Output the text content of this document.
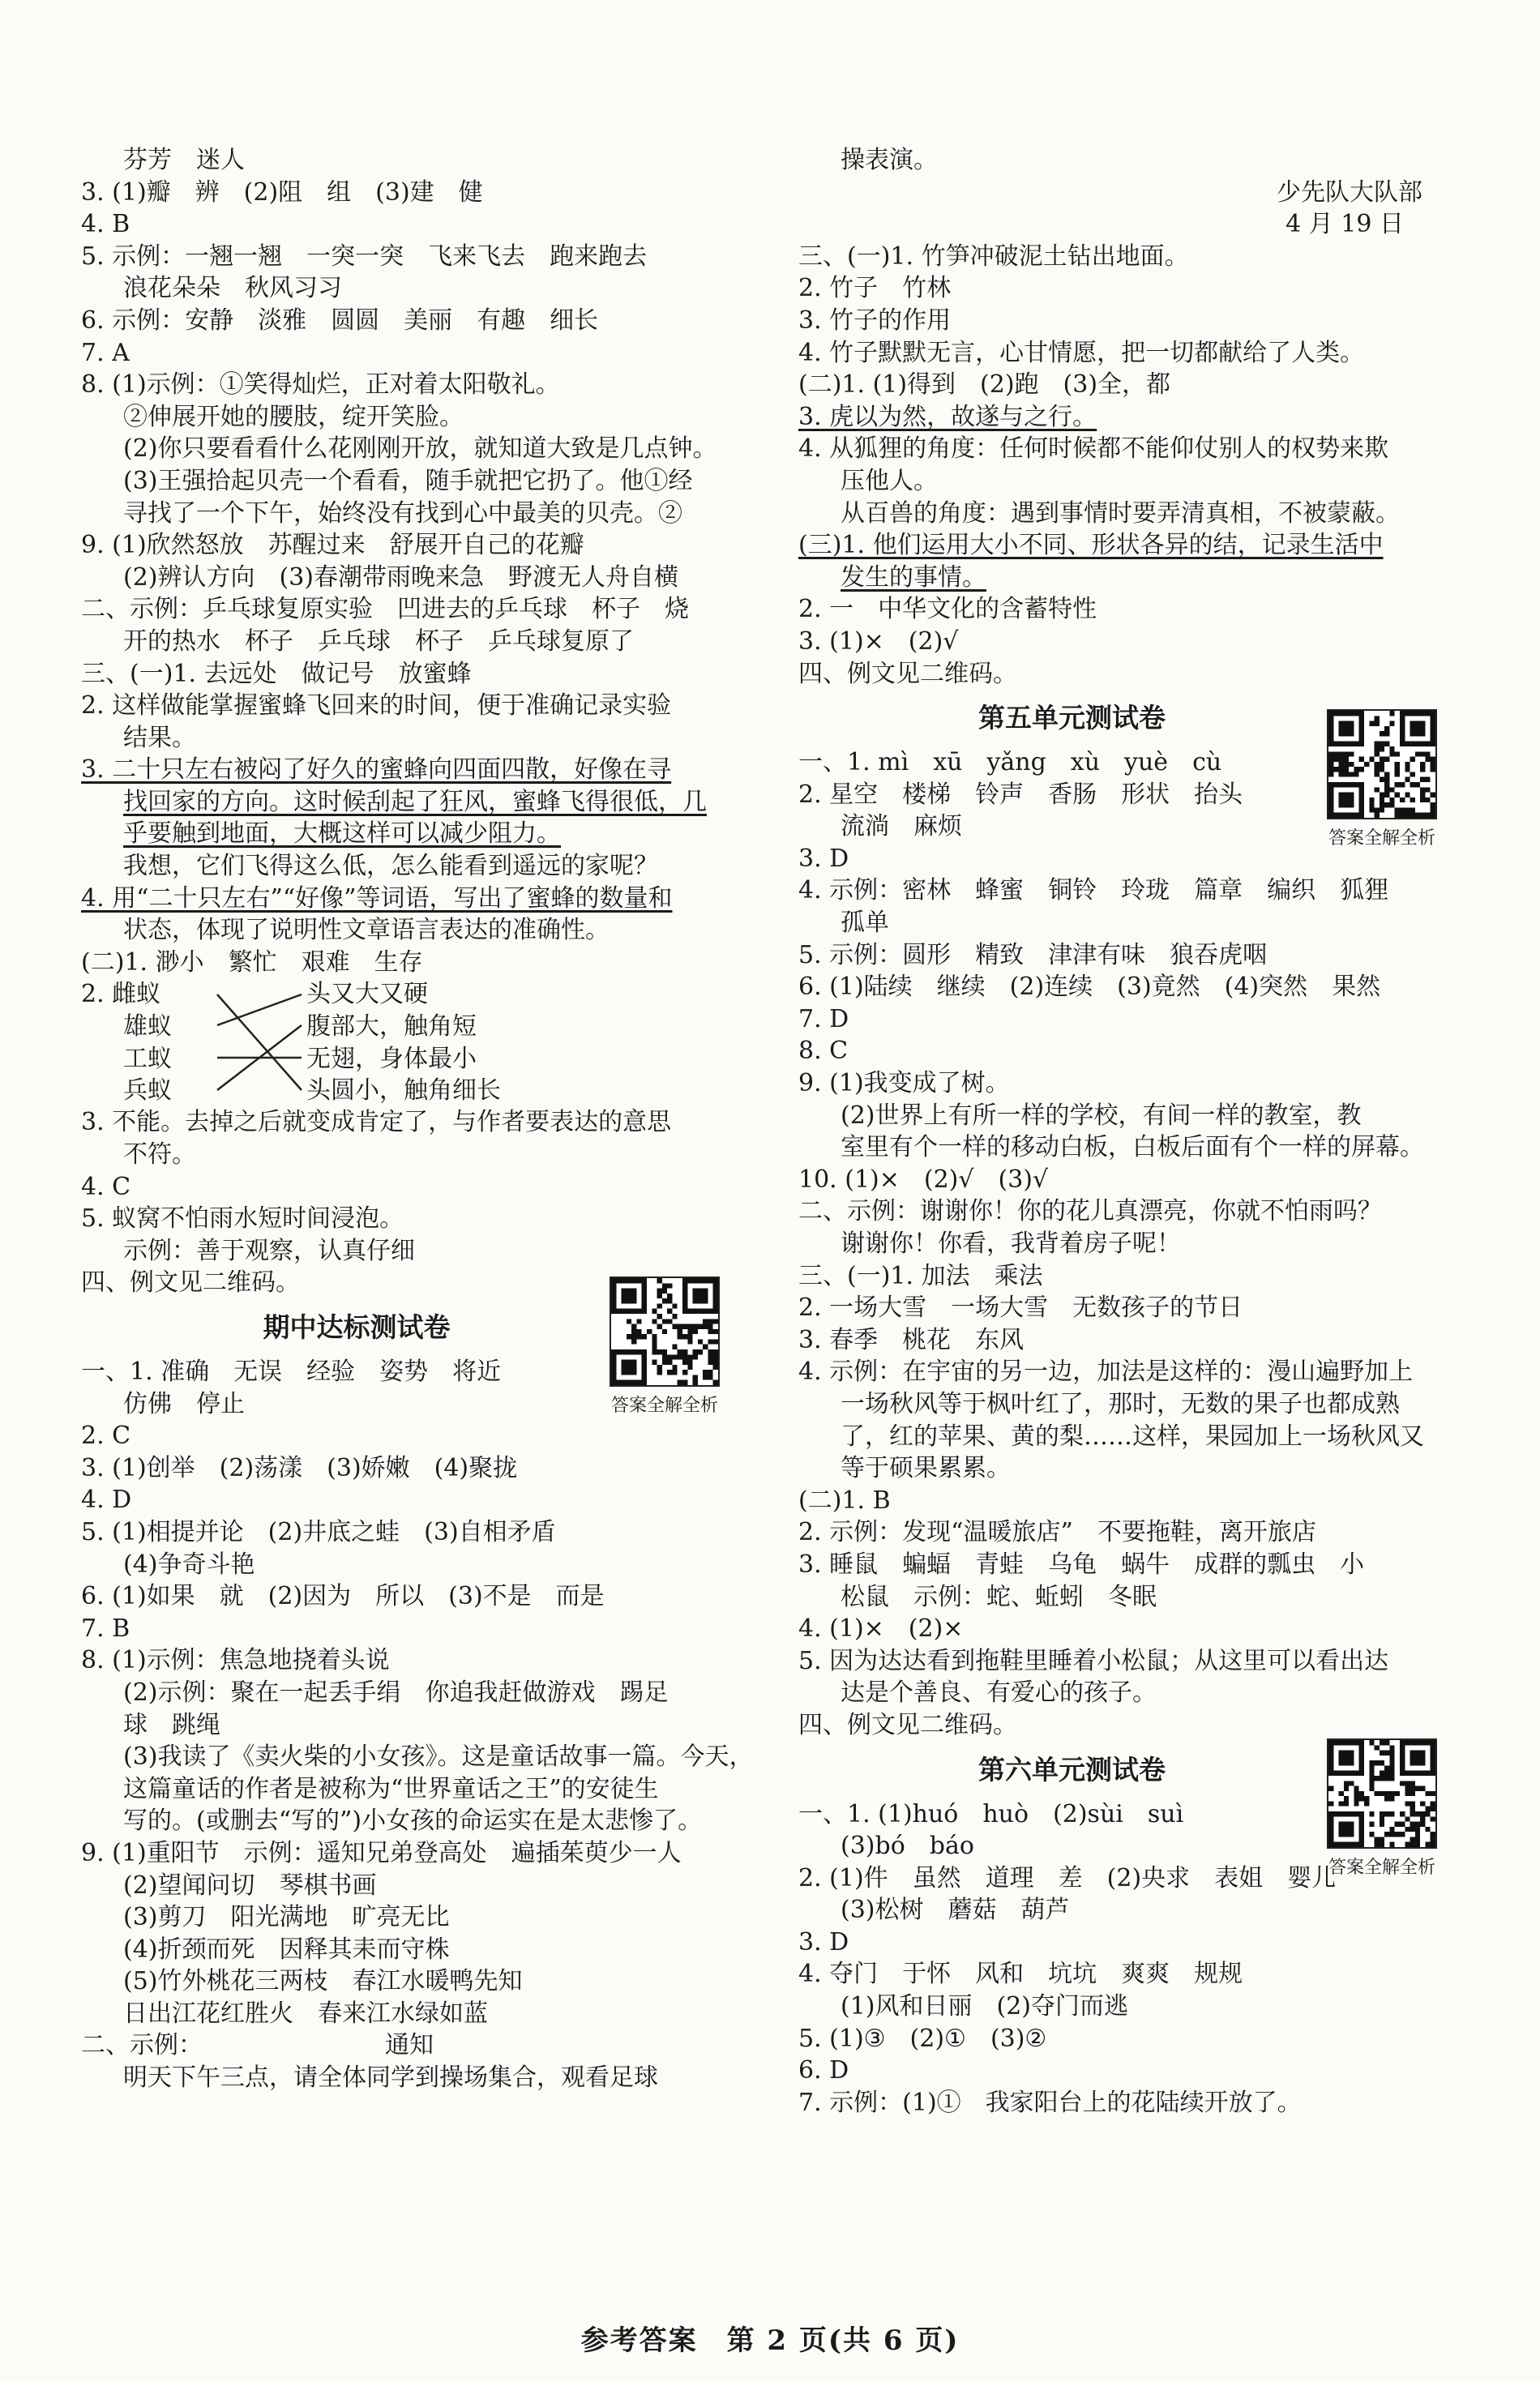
芬芳　迷人
3. (1)瓣　辨　(2)阻　组　(3)建　健
4. B
5. 示例：一翘一翘　一突一突　飞来飞去　跑来跑去
浪花朵朵　秋风习习
6. 示例：安静　淡雅　圆圆　美丽　有趣　细长
7. A
8. (1)示例：①笑得灿烂，正对着太阳敬礼。
②伸展开她的腰肢，绽开笑脸。
(2)你只要看看什么花刚刚开放，就知道大致是几点钟。
(3)王强拾起贝壳一个看看，随手就把它扔了。他①经
寻找了一个下午，始终没有找到心中最美的贝壳。②
9. (1)欣然怒放　苏醒过来　舒展开自己的花瓣
(2)辨认方向　(3)春潮带雨晚来急　野渡无人舟自横
二、示例：乒乓球复原实验　凹进去的乒乓球　杯子　烧
开的热水　杯子　乒乓球　杯子　乒乓球复原了
三、(一)1. 去远处　做记号　放蜜蜂
2. 这样做能掌握蜜蜂飞回来的时间，便于准确记录实验
结果。
3. 二十只左右被闷了好久的蜜蜂向四面四散，好像在寻
找回家的方向。这时候刮起了狂风，蜜蜂飞得很低，几
乎要触到地面，大概这样可以减少阻力。
我想，它们飞得这么低，怎么能看到遥远的家呢？
4. 用“二十只左右”“好像”等词语，写出了蜜蜂的数量和
状态，体现了说明性文章语言表达的准确性。
(二)1. 渺小　繁忙　艰难　生存
2. 雌蚁
雄蚁
工蚁
兵蚁
头又大又硬
腹部大，触角短
无翅，身体最小
头圆小，触角细长
3. 不能。去掉之后就变成肯定了，与作者要表达的意思
不符。
4. C
5. 蚁窝不怕雨水短时间浸泡。
示例：善于观察，认真仔细
四、例文见二维码。
期中达标测试卷
一、1. 准确　无误　经验　姿势　将近
仿佛　停止
2. C
3. (1)创举　(2)荡漾　(3)娇嫩　(4)聚拢
4. D
5. (1)相提并论　(2)井底之蛙　(3)自相矛盾
(4)争奇斗艳
6. (1)如果　就　(2)因为　所以　(3)不是　而是
7. B
8. (1)示例：焦急地挠着头说
(2)示例：聚在一起丢手绢　你追我赶做游戏　踢足
球　跳绳
(3)我读了《卖火柴的小女孩》。这是童话故事一篇。今天，
这篇童话的作者是被称为“世界童话之王”的安徒生
写的。(或删去“写的”)小女孩的命运实在是太悲惨了。
9. (1)重阳节　示例：遥知兄弟登高处　遍插茱萸少一人
(2)望闻问切　琴棋书画
(3)剪刀　阳光满地　旷亮无比
(4)折颈而死　因释其耒而守株
(5)竹外桃花三两枝　春江水暖鸭先知
日出江花红胜火　春来江水绿如蓝
二、示例：　　　　　　　　通知
明天下午三点，请全体同学到操场集合，观看足球
答案全解全析
答案全解全析
答案全解全析
操表演。
少先队大队部
4 月 19 日
三、(一)1. 竹笋冲破泥土钻出地面。
2. 竹子　竹林
3. 竹子的作用
4. 竹子默默无言，心甘情愿，把一切都献给了人类。
(二)1. (1)得到　(2)跑　(3)全，都
3. 虎以为然，故遂与之行。
4. 从狐狸的角度：任何时候都不能仰仗别人的权势来欺
压他人。
从百兽的角度：遇到事情时要弄清真相，不被蒙蔽。
(三)1. 他们运用大小不同、形状各异的结，记录生活中
发生的事情。
2. 一　中华文化的含蓄特性
3. (1)×　(2)√
四、例文见二维码。
第五单元测试卷
一、1. mì　xū　yǎng　xù　yuè　cù
2. 星空　楼梯　铃声　香肠　形状　抬头
流淌　麻烦
3. D
4. 示例：密林　蜂蜜　铜铃　玲珑　篇章　编织　狐狸
孤单
5. 示例：圆形　精致　津津有味　狼吞虎咽
6. (1)陆续　继续　(2)连续　(3)竟然　(4)突然　果然
7. D
8. C
9. (1)我变成了树。
(2)世界上有所一样的学校，有间一样的教室，教
室里有个一样的移动白板，白板后面有个一样的屏幕。
10. (1)×　(2)√　(3)√
二、示例：谢谢你！你的花儿真漂亮，你就不怕雨吗？
谢谢你！你看，我背着房子呢！
三、(一)1. 加法　乘法
2. 一场大雪　一场大雪　无数孩子的节日
3. 春季　桃花　东风
4. 示例：在宇宙的另一边，加法是这样的：漫山遍野加上
一场秋风等于枫叶红了，那时，无数的果子也都成熟
了，红的苹果、黄的梨……这样，果园加上一场秋风又
等于硕果累累。
(二)1. B
2. 示例：发现“温暖旅店”　不要拖鞋，离开旅店
3. 睡鼠　蝙蝠　青蛙　乌龟　蜗牛　成群的瓢虫　小
松鼠　示例：蛇、蚯蚓　冬眠
4. (1)×　(2)×
5. 因为达达看到拖鞋里睡着小松鼠；从这里可以看出达
达是个善良、有爱心的孩子。
四、例文见二维码。
第六单元测试卷
一、1. (1)huó　huò　(2)sùi　suì
(3)bó　báo
2. (1)件　虽然　道理　差　(2)央求　表姐　婴儿
(3)松树　蘑菇　葫芦
3. D
4. 夺门　于怀　风和　坑坑　爽爽　规规
(1)风和日丽　(2)夺门而逃
5. (1)③　(2)①　(3)②
6. D
7. 示例：(1)①　我家阳台上的花陆续开放了。
参考答案　第 2 页(共 6 页)
